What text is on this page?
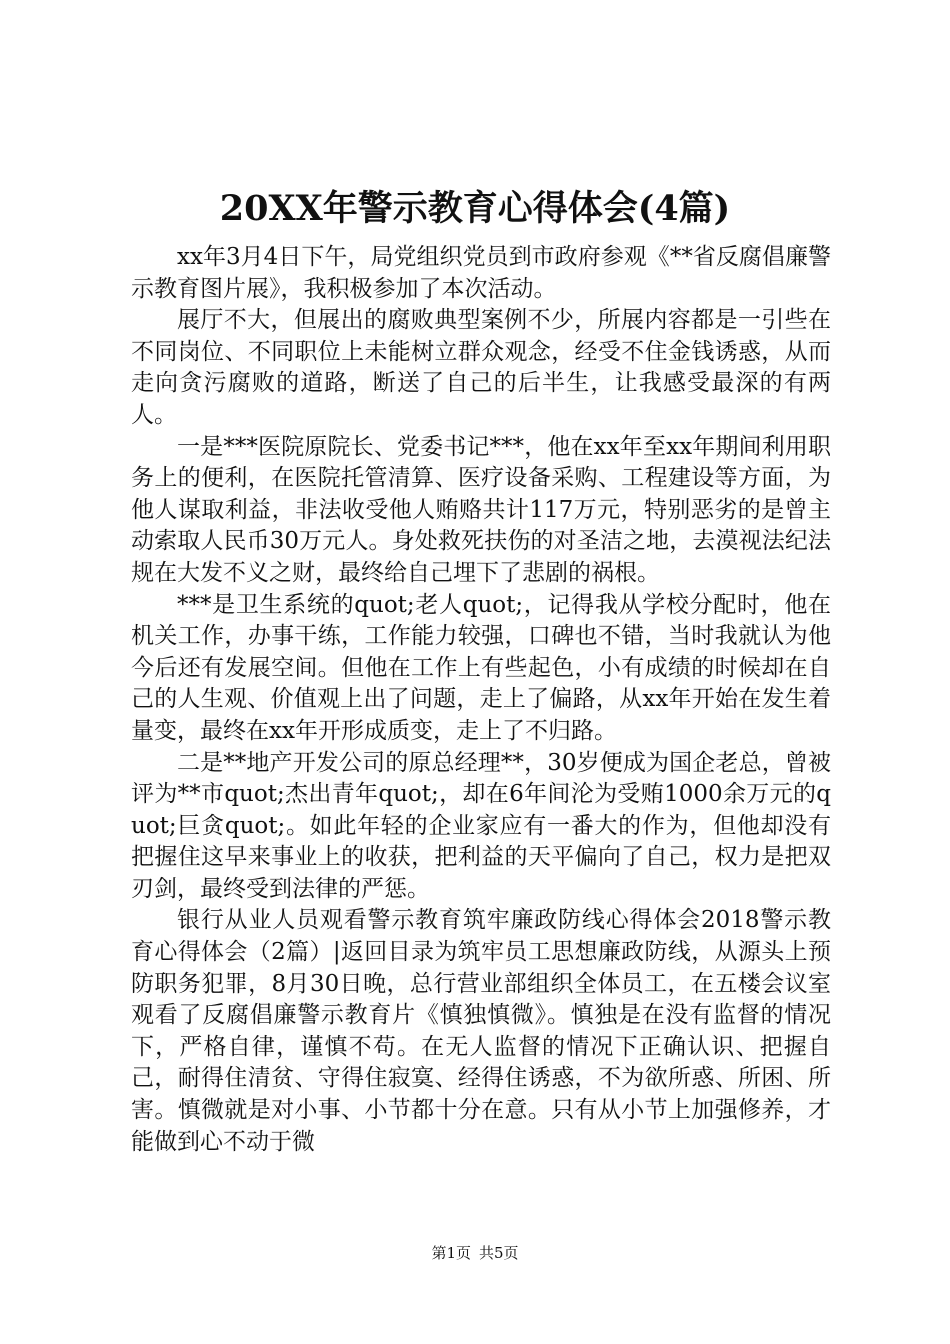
20XX年警示教育心得体会(4篇)

xx年3月4日下午，局党组织党员到市政府参观《**省反腐倡廉警示教育图片展》，我积极参加了本次活动。

展厅不大，但展出的腐败典型案例不少，所展内容都是一引些在不同岗位、不同职位上未能树立群众观念，经受不住金钱诱惑，从而走向贪污腐败的道路，断送了自己的后半生，让我感受最深的有两人。

一是***医院原院长、党委书记***，他在xx年至xx年期间利用职务上的便利，在医院托管清算、医疗设备采购、工程建设等方面，为他人谋取利益，非法收受他人贿赂共计117万元，特别恶劣的是曾主动索取人民币30万元人。身处救死扶伤的对圣洁之地，去漠视法纪法规在大发不义之财，最终给自己埋下了悲剧的祸根。

***是卫生系统的quot;老人quot;，记得我从学校分配时，他在机关工作，办事干练，工作能力较强，口碑也不错，当时我就认为他今后还有发展空间。但他在工作上有些起色，小有成绩的时候却在自己的人生观、价值观上出了问题，走上了偏路，从xx年开始在发生着量变，最终在xx年开形成质变，走上了不归路。

二是**地产开发公司的原总经理**，30岁便成为国企老总，曾被评为**市quot;杰出青年quot;，却在6年间沦为受贿1000余万元的quot;巨贪quot;。如此年轻的企业家应有一番大的作为，但他却没有把握住这早来事业上的收获，把利益的天平偏向了自己，权力是把双刃剑，最终受到法律的严惩。

银行从业人员观看警示教育筑牢廉政防线心得体会2018警示教育心得体会（2篇）|返回目录为筑牢员工思想廉政防线，从源头上预防职务犯罪，8月30日晚，总行营业部组织全体员工，在五楼会议室观看了反腐倡廉警示教育片《慎独慎微》。慎独是在没有监督的情况下，严格自律，谨慎不苟。在无人监督的情况下正确认识、把握自己，耐得住清贫、守得住寂寞、经得住诱惑，不为欲所惑、所困、所害。慎微就是对小事、小节都十分在意。只有从小节上加强修养，才能做到心不动于微

第1页 共5页
